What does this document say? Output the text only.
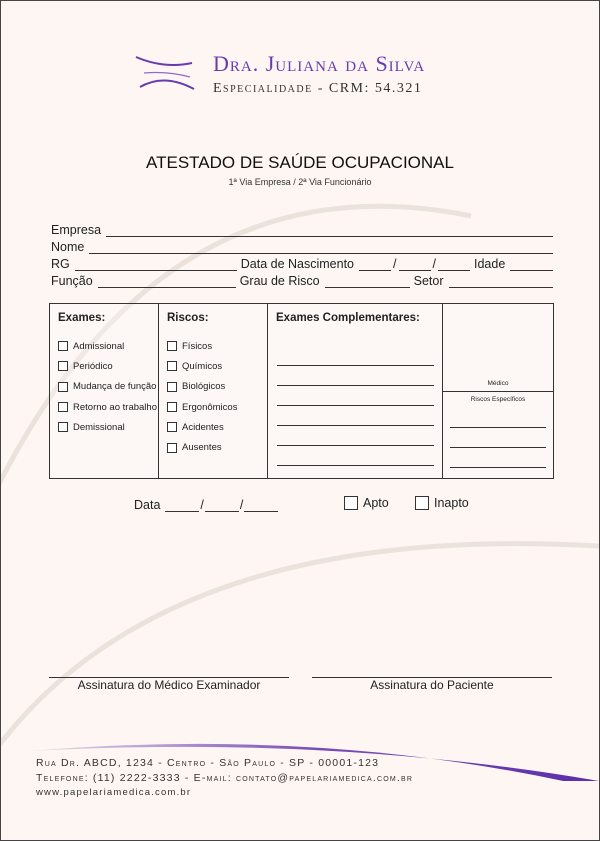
Dra. Juliana da Silva
Especialidade - CRM: 54.321
ATESTADO DE SAÚDE OCUPACIONAL
1ª Via Empresa / 2ª Via Funcionário
Empresa
Nome
RG	Data de Nascimento	/	/	Idade
Função	Grau de Risco	Setor
Exames:
Admissional
Periódico
Mudança de função
Retorno ao trabalho
Demissional
Riscos:
Físicos
Químicos
Biológicos
Ergonômicos
Acidentes
Ausentes
Exames Complementares:
Médico
Riscos Específicos
Data	/	/	Apto	Inapto
Assinatura do Médico Examinador	Assinatura do Paciente
Rua Dr. ABCD, 1234 - Centro - São Paulo - SP - 00001-123
Telefone: (11) 2222-3333 - E-mail: contato@papelariamedica.com.br
www.papelariamedica.com.br
